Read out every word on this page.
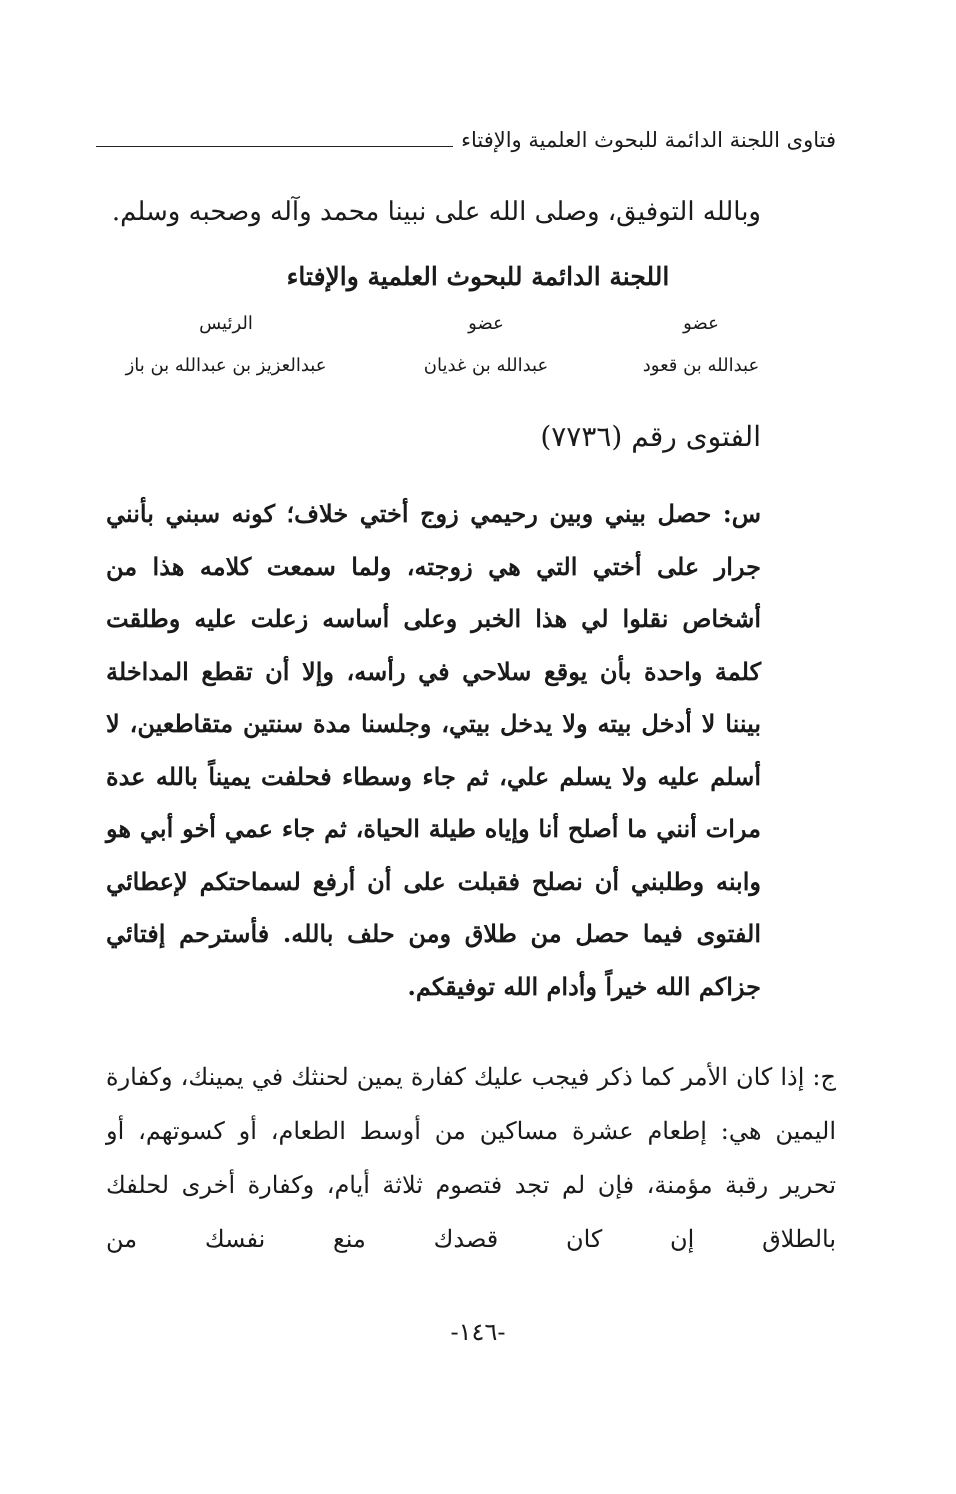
فتاوى اللجنة الدائمة للبحوث العلمية والإفتاء
وبالله التوفيق، وصلى الله على نبينا محمد وآله وصحبه وسلم.
اللجنة الدائمة للبحوث العلمية والإفتاء
عضو
عبدالله بن قعود
عضو
عبدالله بن غديان
الرئيس
عبدالعزيز بن عبدالله بن باز
الفتوى رقم (٧٧٣٦)
س: حصل بيني وبين رحيمي زوج أختي خلاف؛ كونه سبني بأنني جرار على أختي التي هي زوجته، ولما سمعت كلامه هذا من أشخاص نقلوا لي هذا الخبر وعلى أساسه زعلت عليه وطلقت كلمة واحدة بأن يوقع سلاحي في رأسه، وإلا أن تقطع المداخلة بيننا لا أدخل بيته ولا يدخل بيتي، وجلسنا مدة سنتين متقاطعين، لا أسلم عليه ولا يسلم علي، ثم جاء وسطاء فحلفت يميناً بالله عدة مرات أنني ما أصلح أنا وإياه طيلة الحياة، ثم جاء عمي أخو أبي هو وابنه وطلبني أن نصلح فقبلت على أن أرفع لسماحتكم لإعطائي الفتوى فيما حصل من طلاق ومن حلف بالله. فأسترحم إفتائي جزاكم الله خيراً وأدام الله توفيقكم.
ج: إذا كان الأمر كما ذكر فيجب عليك كفارة يمين لحنثك في يمينك، وكفارة اليمين هي: إطعام عشرة مساكين من أوسط الطعام، أو كسوتهم، أو تحرير رقبة مؤمنة، فإن لم تجد فتصوم ثلاثة أيام، وكفارة أخرى لحلفك بالطلاق إن كان قصدك منع نفسك من
-١٤٦-
